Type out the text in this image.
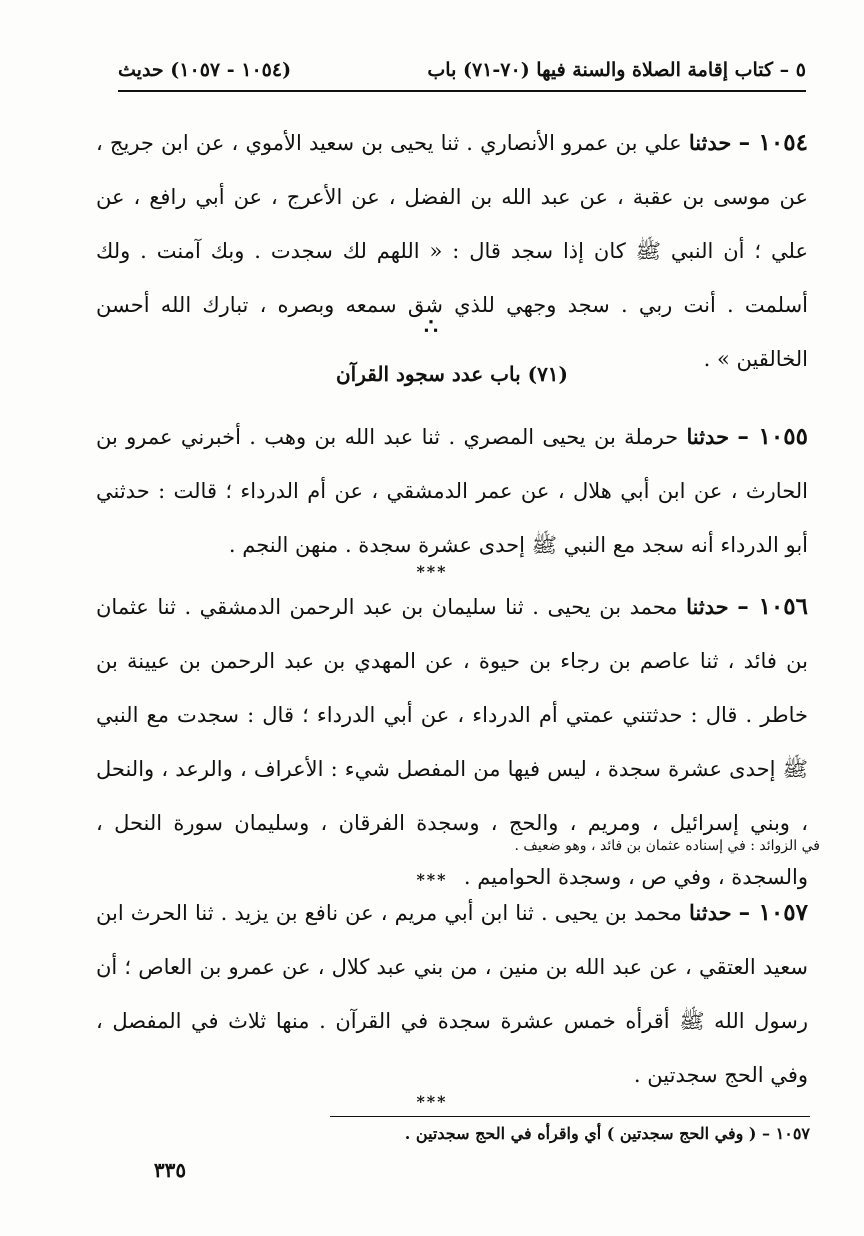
٥ – كتاب إقامة الصلاة والسنة فيها (٧٠-٧١) باب
(١٠٥٤ - ١٠٥٧) حديث
١٠٥٤ – حدثنا علي بن عمرو الأنصاري . ثنا يحيى بن سعيد الأموي ، عن ابن جريج ، عن موسى بن عقبة ، عن عبد الله بن الفضل ، عن الأعرج ، عن أبي رافع ، عن علي ؛ أن النبي ﷺ كان إذا سجد قال : « اللهم لك سجدت . وبك آمنت . ولك أسلمت . أنت ربي . سجد وجهي للذي شق سمعه وبصره ، تبارك الله أحسن الخالقين » .
∴
(٧١) باب عدد سجود القرآن
١٠٥٥ – حدثنا حرملة بن يحيى المصري . ثنا عبد الله بن وهب . أخبرني عمرو بن الحارث ، عن ابن أبي هلال ، عن عمر الدمشقي ، عن أم الدرداء ؛ قالت : حدثني أبو الدرداء أنه سجد مع النبي ﷺ إحدى عشرة سجدة . منهن النجم .
***
١٠٥٦ – حدثنا محمد بن يحيى . ثنا سليمان بن عبد الرحمن الدمشقي . ثنا عثمان بن فائد ، ثنا عاصم بن رجاء بن حيوة ، عن المهدي بن عبد الرحمن بن عيينة بن خاطر . قال : حدثتني عمتي أم الدرداء ، عن أبي الدرداء ؛ قال : سجدت مع النبي ﷺ إحدى عشرة سجدة ، ليس فيها من المفصل شيء : الأعراف ، والرعد ، والنحل ، وبني إسرائيل ، ومريم ، والحج ، وسجدة الفرقان ، وسليمان سورة النحل ، والسجدة ، وفي ص ، وسجدة الحواميم .
في الزوائد : في إسناده عثمان بن فائد ، وهو ضعيف .
***
١٠٥٧ – حدثنا محمد بن يحيى . ثنا ابن أبي مريم ، عن نافع بن يزيد . ثنا الحرث ابن سعيد العتقي ، عن عبد الله بن منين ، من بني عبد كلال ، عن عمرو بن العاص ؛ أن رسول الله ﷺ أقرأه خمس عشرة سجدة في القرآن . منها ثلاث في المفصل ، وفي الحج سجدتين .
***
١٠٥٧ – ( وفي الحج سجدتين ) أي واقرأه في الحج سجدتين .
٣٣٥
